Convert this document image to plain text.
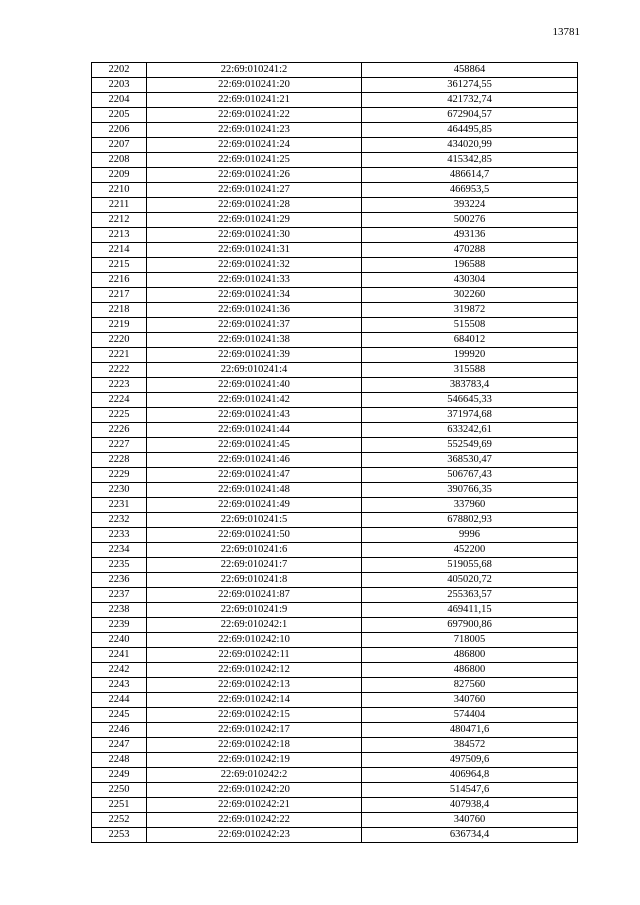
13781
2202	22:69:010241:2	458864
2203	22:69:010241:20	361274,55
2204	22:69:010241:21	421732,74
2205	22:69:010241:22	672904,57
2206	22:69:010241:23	464495,85
2207	22:69:010241:24	434020,99
2208	22:69:010241:25	415342,85
2209	22:69:010241:26	486614,7
2210	22:69:010241:27	466953,5
2211	22:69:010241:28	393224
2212	22:69:010241:29	500276
2213	22:69:010241:30	493136
2214	22:69:010241:31	470288
2215	22:69:010241:32	196588
2216	22:69:010241:33	430304
2217	22:69:010241:34	302260
2218	22:69:010241:36	319872
2219	22:69:010241:37	515508
2220	22:69:010241:38	684012
2221	22:69:010241:39	199920
2222	22:69:010241:4	315588
2223	22:69:010241:40	383783,4
2224	22:69:010241:42	546645,33
2225	22:69:010241:43	371974,68
2226	22:69:010241:44	633242,61
2227	22:69:010241:45	552549,69
2228	22:69:010241:46	368530,47
2229	22:69:010241:47	506767,43
2230	22:69:010241:48	390766,35
2231	22:69:010241:49	337960
2232	22:69:010241:5	678802,93
2233	22:69:010241:50	9996
2234	22:69:010241:6	452200
2235	22:69:010241:7	519055,68
2236	22:69:010241:8	405020,72
2237	22:69:010241:87	255363,57
2238	22:69:010241:9	469411,15
2239	22:69:010242:1	697900,86
2240	22:69:010242:10	718005
2241	22:69:010242:11	486800
2242	22:69:010242:12	486800
2243	22:69:010242:13	827560
2244	22:69:010242:14	340760
2245	22:69:010242:15	574404
2246	22:69:010242:17	480471,6
2247	22:69:010242:18	384572
2248	22:69:010242:19	497509,6
2249	22:69:010242:2	406964,8
2250	22:69:010242:20	514547,6
2251	22:69:010242:21	407938,4
2252	22:69:010242:22	340760
2253	22:69:010242:23	636734,4
